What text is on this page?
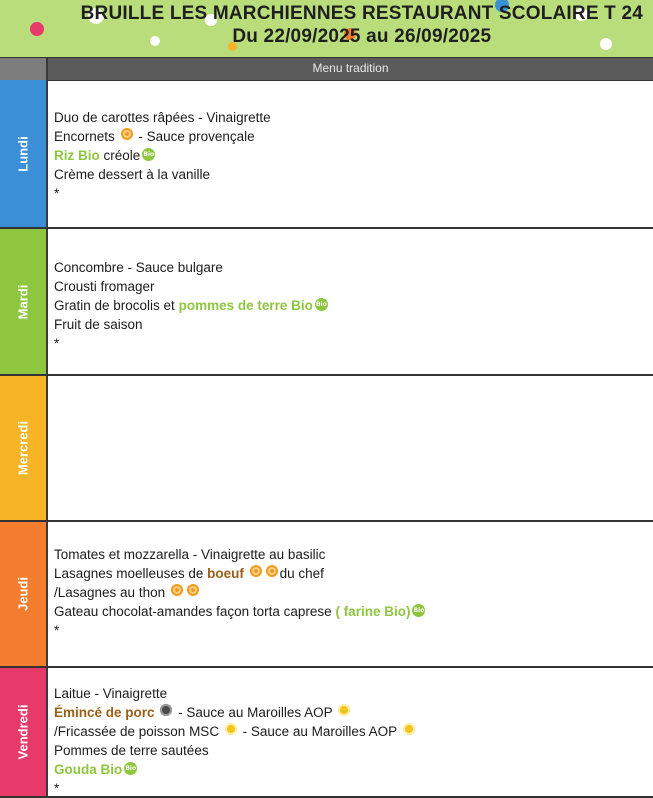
BRUILLE LES MARCHIENNES RESTAURANT SCOLAIRE T 24
Du 22/09/2025 au 26/09/2025
Menu tradition
Lundi
Duo de carottes râpées - Vinaigrette
Encornets - Sauce provençale
Riz Bio créole Bio
Crème dessert à la vanille
*
Mardi
Concombre - Sauce bulgare
Crousti fromager
Gratin de brocolis et pommes de terre Bio Bio
Fruit de saison
*
Mercredi
Jeudi
Tomates et mozzarella - Vinaigrette au basilic
Lasagnes moelleuses de boeuf	du chef
/Lasagnes au thon
Gateau chocolat-amandes façon torta caprese ( farine Bio) Bio
*
Vendredi
Laitue - Vinaigrette
Émincé de porc - Sauce au Maroilles AOP
/Fricassée de poisson MSC - Sauce au Maroilles AOP
Pommes de terre sautées
Gouda Bio Bio
*
